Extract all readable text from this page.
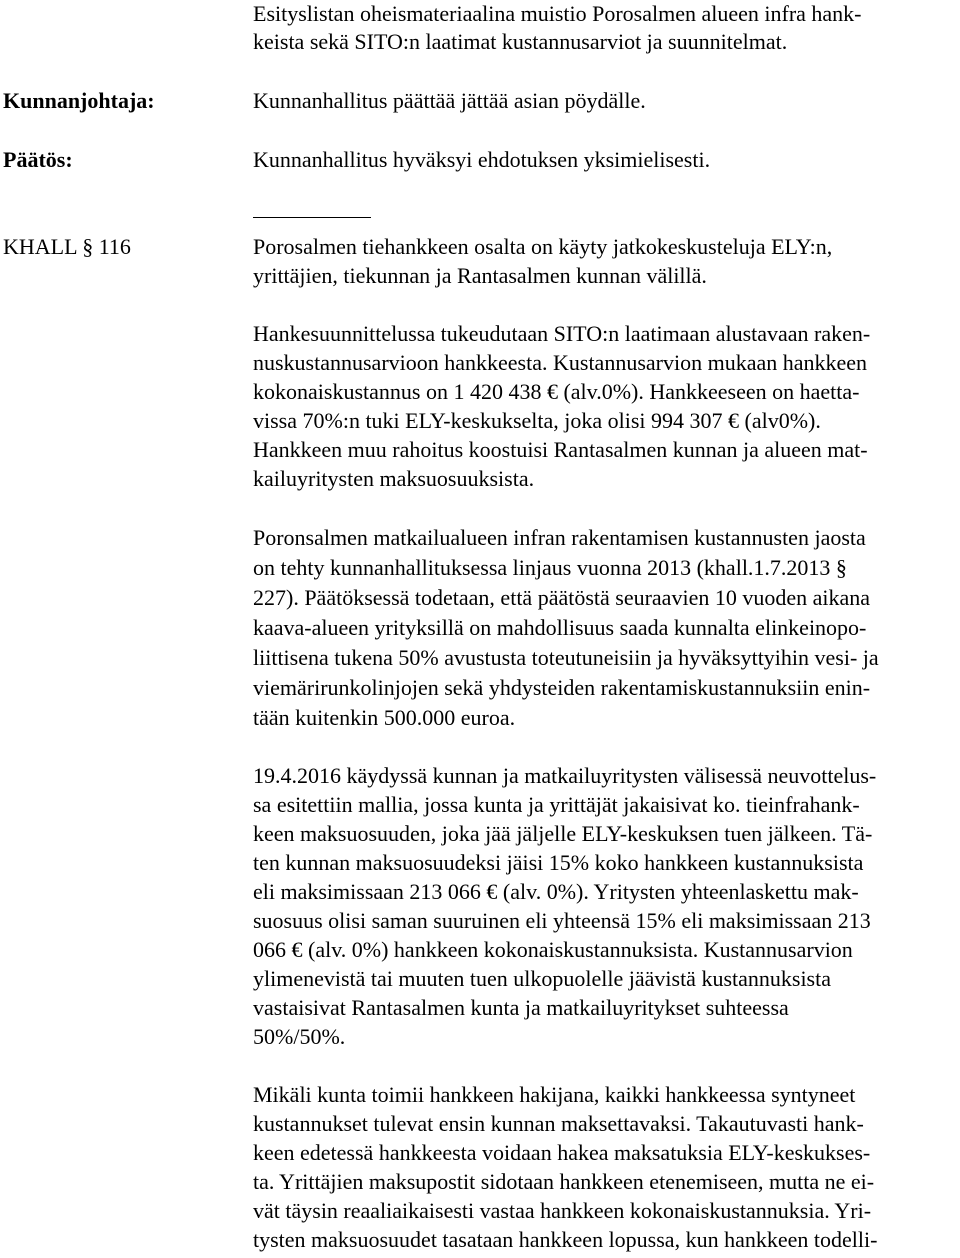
Esityslistan oheismateriaalina muistio Porosalmen alueen infra hank-
keista sekä SITO:n laatimat kustannusarviot ja suunnitelmat.
Kunnanjohtaja:	Kunnanhallitus päättää jättää asian pöydälle.
Päätös:	Kunnanhallitus hyväksyi ehdotuksen yksimielisesti.
KHALL § 116	Porosalmen tiehankkeen osalta on käyty jatkokeskusteluja ELY:n,
yrittäjien, tiekunnan ja Rantasalmen kunnan välillä.
Hankesuunnittelussa tukeudutaan SITO:n laatimaan alustavaan raken-
nuskustannusarvioon hankkeesta. Kustannusarvion mukaan hankkeen
kokonaiskustannus on 1 420 438 € (alv.0%). Hankkeeseen on haetta-
vissa 70%:n tuki ELY-keskukselta, joka olisi 994 307 € (alv0%).
Hankkeen muu rahoitus koostuisi Rantasalmen kunnan ja alueen mat-
kailuyritysten maksuosuuksista.
Poronsalmen matkailualueen infran rakentamisen kustannusten jaosta
on tehty kunnanhallituksessa linjaus vuonna 2013 (khall.1.7.2013 §
227). Päätöksessä todetaan, että päätöstä seuraavien 10 vuoden aikana
kaava-alueen yrityksillä on mahdollisuus saada kunnalta elinkeinopo-
liittisena tukena 50% avustusta toteutuneisiin ja hyväksyttyihin vesi- ja
viemärirunkolinjojen sekä yhdysteiden rakentamiskustannuksiin enin-
tään kuitenkin 500.000 euroa.
19.4.2016 käydyssä kunnan ja matkailuyritysten välisessä neuvottelus-
sa esitettiin mallia, jossa kunta ja yrittäjät jakaisivat ko. tieinfrahank-
keen maksuosuuden, joka jää jäljelle ELY-keskuksen tuen jälkeen. Tä-
ten kunnan maksuosuudeksi jäisi 15% koko hankkeen kustannuksista
eli maksimissaan 213 066 € (alv. 0%). Yritysten yhteenlaskettu mak-
suosuus olisi saman suuruinen eli yhteensä 15% eli maksimissaan 213
066 € (alv. 0%) hankkeen kokonaiskustannuksista. Kustannusarvion
ylimenevistä tai muuten tuen ulkopuolelle jäävistä kustannuksista
vastaisivat Rantasalmen kunta ja matkailuyritykset suhteessa
50%/50%.
Mikäli kunta toimii hankkeen hakijana, kaikki hankkeessa syntyneet
kustannukset tulevat ensin kunnan maksettavaksi. Takautuvasti hank-
keen edetessä hankkeesta voidaan hakea maksatuksia ELY-keskukses-
ta. Yrittäjien maksupostit sidotaan hankkeen etenemiseen, mutta ne ei-
vät täysin reaaliaikaisesti vastaa hankkeen kokonaiskustannuksia. Yri-
tysten maksuosuudet tasataan hankkeen lopussa, kun hankkeen todelli-
